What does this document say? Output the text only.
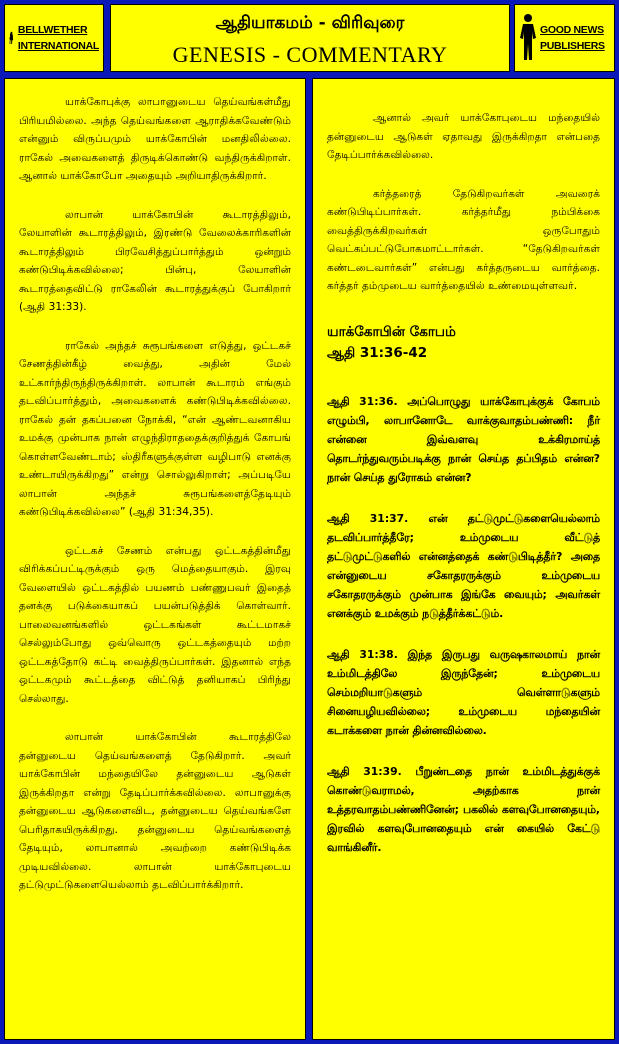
BELLWETHER
INTERNATIONAL
ஆதியாகமம் - விரிவுரை
GENESIS - COMMENTARY
GOOD NEWS
PUBLISHERS

யாக்கோபுக்கு லாபானுடைய தெய்வங்கள்மீது பிரியமில்லை. அந்த தெய்வங்களை ஆராதிக்கவேண்டும் என்னும் விருப்பமும் யாக்கோபின் மனதிலில்லை. ராகேல் அவைகளைத் திருடிக்கொண்டு வந்திருக்கிறாள். ஆனால் யாக்கோபோ அதையும் அறியாதிருக்கிறார்.

லாபான் யாக்கோபின் கூடாரத்திலும், லேயாளின் கூடாரத்திலும், இரண்டு வேலைக்காரிகளின் கூடாரத்திலும் பிரவேசித்துப்பார்த்தும் ஒன்றும் கண்டுபிடிக்கவில்லை; பின்பு, லேயாளின் கூடாரத்தைவிட்டு ராகேலின் கூடாரத்துக்குப் போகிறார் (ஆதி 31:33).

ராகேல் அந்தச் சுரூபங்களை எடுத்து, ஒட்டகச் சேணத்தின்கீழ் வைத்து, அதின் மேல் உட்கார்ந்திருந்திருக்கிறாள். லாபான் கூடாரம் எங்கும் தடவிப்பார்த்தும், அவைகளைக் கண்டுபிடிக்கவில்லை. ராகேல் தன் தகப்பனை நோக்கி, “என் ஆண்டவனாகிய உமக்கு முன்பாக நான் எழுந்திராததைக்குறித்துக் கோபங் கொள்ளவேண்டாம்; ஸ்திரீகளுக்குள்ள வழிபாடு எனக்கு உண்டாயிருக்கிறது” என்று சொல்லுகிறாள்; அப்படியே லாபான் அந்தச் சுரூபங்களைத்தேடியும் கண்டுபிடிக்கவில்லை” (ஆதி 31:34,35).

ஒட்டகச் சேணம் என்பது ஒட்டகத்தின்மீது விரிக்கப்பட்டிருக்கும் ஒரு மெத்தையாகும். இரவு வேளையில் ஒட்டகத்தில் பயணம் பண்ணுபவர் இதைத் தனக்கு படுக்கையாகப் பயன்படுத்திக் கொள்வார். பாலைவனங்களில் ஒட்டகங்கள் கூட்டமாகச் செல்லும்போது ஒவ்வொரு ஒட்டகத்தையும் மற்ற ஒட்டகத்தோடு கட்டி வைத்திருப்பார்கள். இதனால் எந்த ஒட்டகமும் கூட்டத்தை விட்டுத் தனியாகப் பிரிந்து செல்லாது.

லாபான் யாக்கோபின் கூடாரத்திலே தன்னுடைய தெய்வங்களைத் தேடுகிறார். அவர் யாக்கோபின் மந்தையிலே தன்னுடைய ஆடுகள் இருக்கிறதா என்று தேடிப்பார்க்கவில்லை. லாபானுக்கு தன்னுடைய ஆடுகளைவிட, தன்னுடைய தெய்வங்களே பெரிதாகயிருக்கிறது. தன்னுடைய தெய்வங்களைத் தேடியும், லாபானால் அவற்றை கண்டுபிடிக்க முடியவில்லை. லாபான் யாக்கோபுடைய தட்டுமுட்டுகளையெல்லாம் தடவிப்பார்க்கிறார்.

ஆனால் அவர் யாக்கோபுடைய மந்தையில் தன்னுடைய ஆடுகள் ஏதாவது இருக்கிறதா என்பதை தேடிப்பார்க்கவில்லை.

கர்த்தரைத் தேடுகிறவர்கள் அவரைக் கண்டுபிடிப்பார்கள். கர்த்தர்மீது நம்பிக்கை வைத்திருக்கிறவர்கள் ஒருபோதும் வெட்கப்பட்டுபோகமாட்டார்கள். “தேடுகிறவர்கள் கண்டடைவார்கள்” என்பது கர்த்தருடைய வார்த்தை. கர்த்தர் தம்முடைய வார்த்தையில் உண்மையுள்ளவர்.

யாக்கோபின் கோபம்
ஆதி 31:36-42

ஆதி 31:36. அப்பொழுது யாக்கோபுக்குக் கோபம் எழும்பி, லாபானோடே வாக்குவாதம்பண்ணி: நீர் என்னை இவ்வளவு உக்கிரமாய்த் தொடர்ந்துவரும்படிக்கு நான் செய்த தப்பிதம் என்ன? நான் செய்த துரோகம் என்ன?

ஆதி 31:37. என் தட்டுமுட்டுகளையெல்லாம் தடவிப்பார்த்தீரே; உம்முடைய வீட்டுத் தட்டுமுட்டுகளில் என்னத்தைக் கண்டுபிடித்தீர்? அதை என்னுடைய சகோதரருக்கும் உம்முடைய சகோதரருக்கும் முன்பாக இங்கே வையும்; அவர்கள் எனக்கும் உமக்கும் நடுத்தீர்க்கட்டும்.

ஆதி 31:38. இந்த இருபது வருஷகாலமாய் நான் உம்மிடத்திலே இருந்தேன்; உம்முடைய செம்மறியாடுகளும் வெள்ளாடுகளும் சினையழியவில்லை; உம்முடைய மந்தையின் கடாக்களை நான் தின்னவில்லை.

ஆதி 31:39. பீறுண்டதை நான் உம்மிடத்துக்குக் கொண்டுவராமல், அதற்காக நான் உத்தரவாதம்பண்ணினேன்; பகலில் களவுபோனதையும், இரவில் களவுபோனதையும் என் கையில் கேட்டு வாங்கினீர்.
